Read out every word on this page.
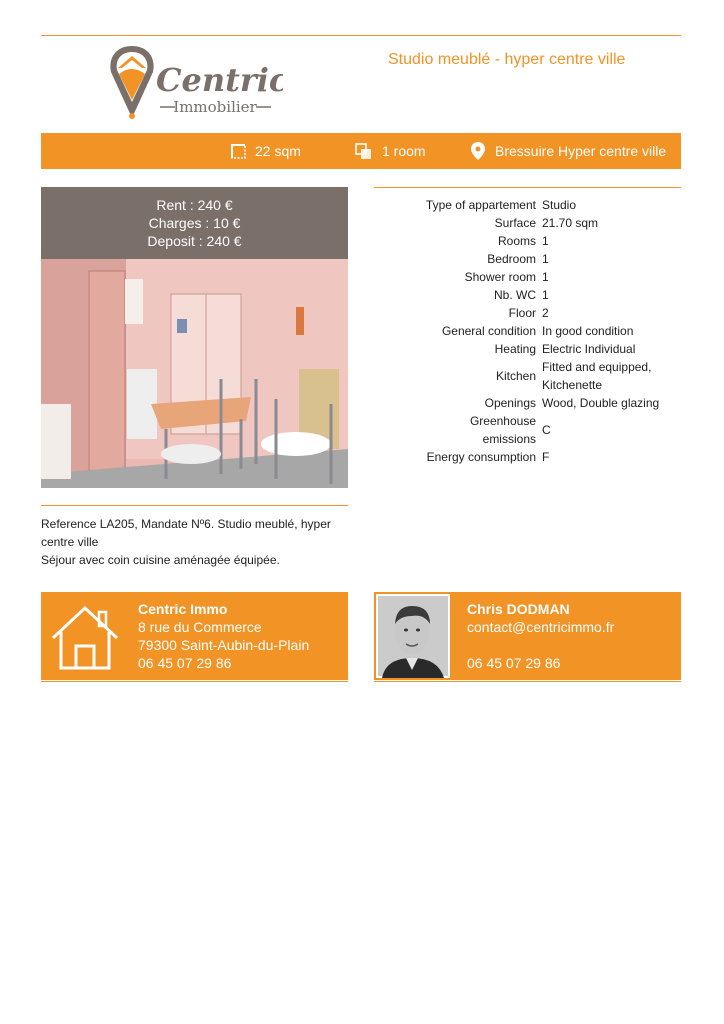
Centric
Immobilier
Studio meublé - hyper centre ville
22 sqm	1 room	Bressuire Hyper centre ville
Rent : 240 €
Charges : 10 €
Deposit : 240 €
Type of appartement	Studio
Surface	21.70 sqm
Rooms	1
Bedroom	1
Shower room	1
Nb. WC	1
Floor	2
General condition	In good condition
Heating	Electric Individual
Kitchen	Fitted and equipped, Kitchenette
Openings	Wood, Double glazing
Greenhouse emissions	C
Energy consumption	F
Reference LA205, Mandate Nº6. Studio meublé, hyper
centre ville
Séjour avec coin cuisine aménagée équipée.
Centric Immo
8 rue du Commerce
79300 Saint-Aubin-du-Plain
06 45 07 29 86
Chris DODMAN
contact@centricimmo.fr
06 45 07 29 86
